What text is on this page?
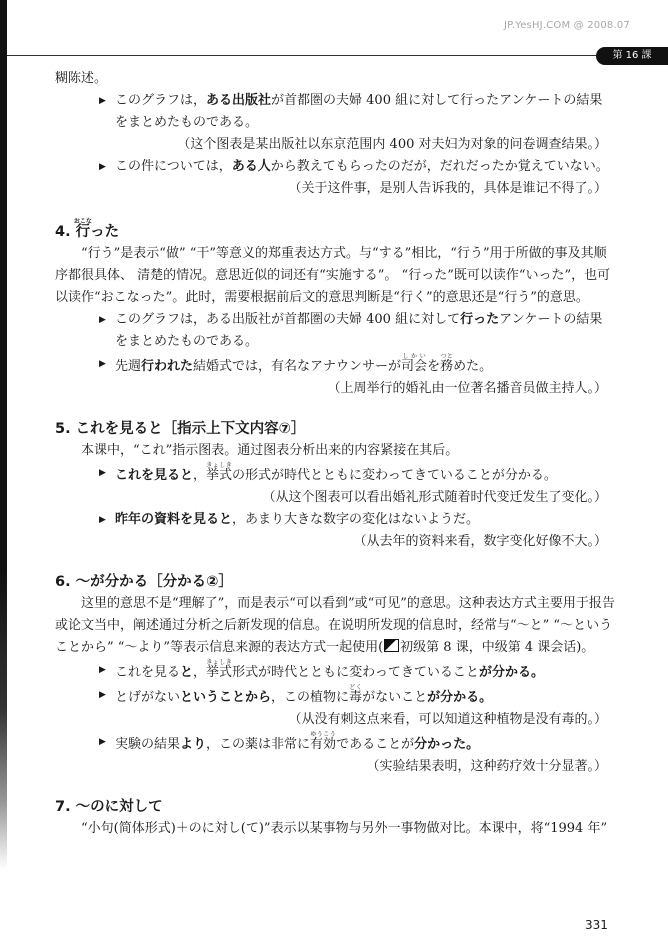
JP.YesHJ.COM @ 2008.07
第 16 課

糊陈述。

▶ このグラフは，ある出版社が首都圏の夫婦 400 組に対して行ったアンケートの結果をまとめたものである。

（这个图表是某出版社以东京范围内 400 对夫妇为对象的问卷调查结果。）

▶ この件については，ある人から教えてもらったのだが，だれだったか覚えていない。

（关于这件事，是别人告诉我的，具体是谁记不得了。）

4. 行おこなった

“行う”是表示“做” “干”等意义的郑重表达方式。与“する”相比，“行う”用于所做的事及其顺序都很具体、 清楚的情况。意思近似的词还有“实施する”。 “行った”既可以读作“いった”，也可以读作“おこなった”。此时，需要根据前后文的意思判断是“行く”的意思还是“行う”的意思。

▶ このグラフは，ある出版社が首都圏の夫婦 400 組に対して行ったアンケートの結果をまとめたものである。

▶ 先週行われた結婚式では，有名なアナウンサーが司会しかいを務つとめた。

（上周举行的婚礼由一位著名播音员做主持人。）

5. これを見ると［指示上下文内容⑦］

本课中，“これ”指示图表。通过图表分析出来的内容紧接在其后。

▶ これを見ると，挙式きょしきの形式が時代とともに変わってきていることが分かる。

（从这个图表可以看出婚礼形式随着时代变迁发生了变化。）

▶ 昨年の資料を見ると，あまり大きな数字の変化はないようだ。

（从去年的资料来看，数字变化好像不大。）

6. ～が分かる［分かる②］

这里的意思不是“理解了”，而是表示“可以看到”或“可见”的意思。这种表达方式主要用于报告或论文当中，阐述通过分析之后新发现的信息。在说明所发现的信息时，经常与“～と” “～ということから” “～より”等表示信息来源的表达方式一起使用( 初级第 8 课，中级第 4 课会话)。

▶ これを見ると，挙式きょしき形式が時代とともに変わってきていることが分かる。

▶ とげがないということから，この植物に毒どくがないことが分かる。

（从没有刺这点来看，可以知道这种植物是没有毒的。）

▶ 実験の結果より，この薬は非常に有効ゆうこうであることが分かった。

（实验结果表明，这种药疗效十分显著。）

7. ～のに対して

“小句(简体形式)＋のに対し(て)”表示以某事物与另外一事物做对比。本课中，将“1994 年”

331
